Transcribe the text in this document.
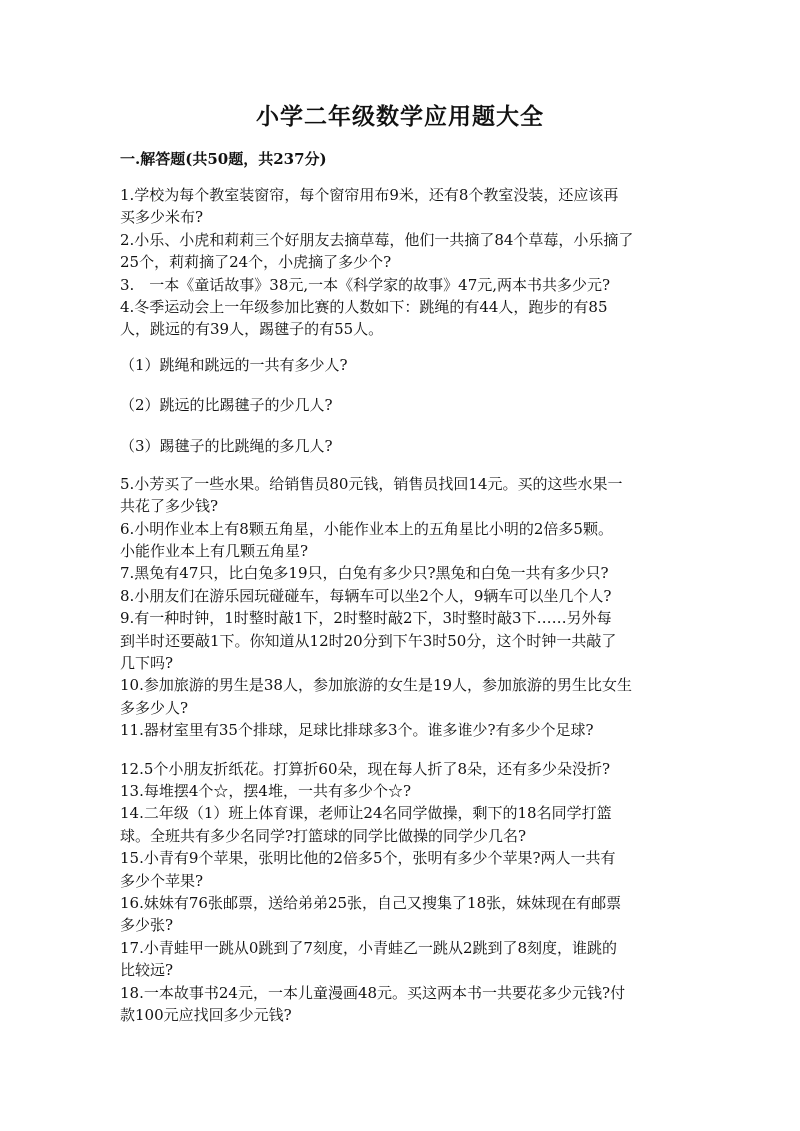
小学二年级数学应用题大全
一.解答题(共50题，共237分)
1.学校为每个教室装窗帘，每个窗帘用布9米，还有8个教室没装，还应该再
买多少米布?
2.小乐、小虎和莉莉三个好朋友去摘草莓，他们一共摘了84个草莓，小乐摘了
25个，莉莉摘了24个，小虎摘了多少个?
3.　一本《童话故事》38元,一本《科学家的故事》47元,两本书共多少元?
4.冬季运动会上一年级参加比赛的人数如下：跳绳的有44人，跑步的有85
人，跳远的有39人，踢毽子的有55人。
（1）跳绳和跳远的一共有多少人?
（2）跳远的比踢毽子的少几人?
（3）踢毽子的比跳绳的多几人?
5.小芳买了一些水果。给销售员80元钱，销售员找回14元。买的这些水果一
共花了多少钱?
6.小明作业本上有8颗五角星，小能作业本上的五角星比小明的2倍多5颗。
小能作业本上有几颗五角星?
7.黑兔有47只，比白兔多19只，白兔有多少只?黑兔和白兔一共有多少只?
8.小朋友们在游乐园玩碰碰车，每辆车可以坐2个人，9辆车可以坐几个人?
9.有一种时钟，1时整时敲1下，2时整时敲2下，3时整时敲3下……另外每
到半时还要敲1下。你知道从12时20分到下午3时50分，这个时钟一共敲了
几下吗?
10.参加旅游的男生是38人，参加旅游的女生是19人，参加旅游的男生比女生
多多少人?
11.器材室里有35个排球，足球比排球多3个。谁多谁少?有多少个足球?
12.5个小朋友折纸花。打算折60朵，现在每人折了8朵，还有多少朵没折?
13.每堆摆4个☆，摆4堆，一共有多少个☆?
14.二年级（1）班上体育课，老师让24名同学做操，剩下的18名同学打篮
球。全班共有多少名同学?打篮球的同学比做操的同学少几名?
15.小青有9个苹果，张明比他的2倍多5个，张明有多少个苹果?两人一共有
多少个苹果?
16.妹妹有76张邮票，送给弟弟25张，自己又搜集了18张，妹妹现在有邮票
多少张?
17.小青蛙甲一跳从0跳到了7刻度，小青蛙乙一跳从2跳到了8刻度，谁跳的
比较远?
18.一本故事书24元，一本儿童漫画48元。买这两本书一共要花多少元钱?付
款100元应找回多少元钱?
